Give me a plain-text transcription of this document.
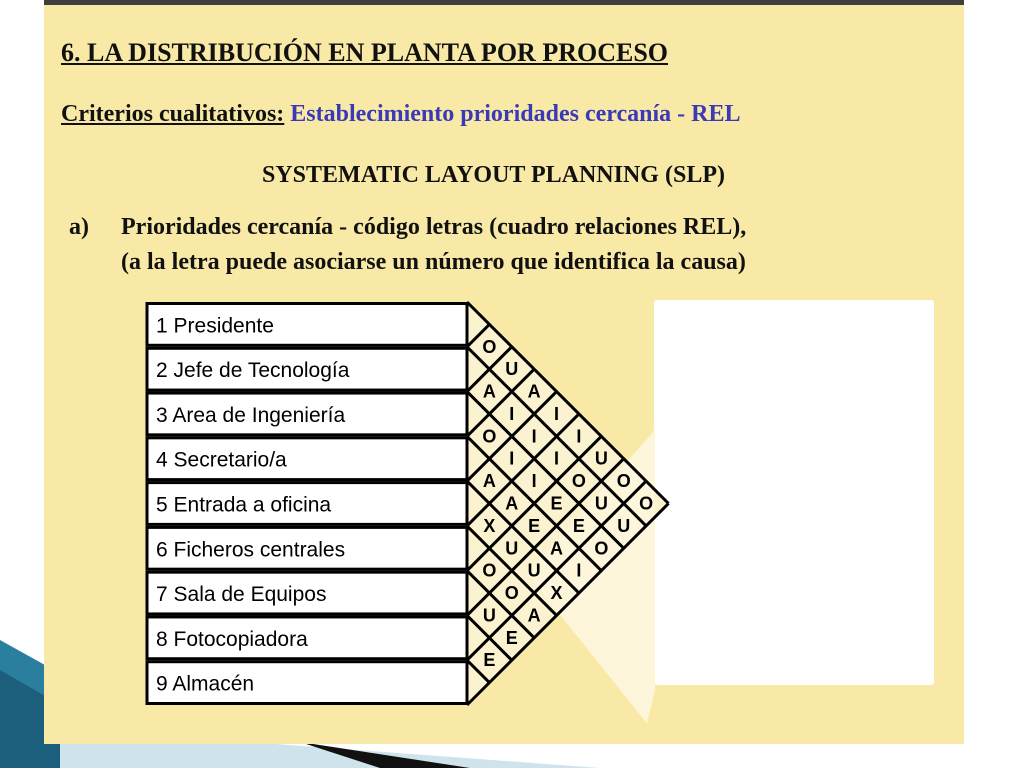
6. LA DISTRIBUCIÓN EN PLANTA POR PROCESO
Criterios cualitativos: Establecimiento prioridades cercanía - REL
SYSTEMATIC LAYOUT PLANNING (SLP)
a) Prioridades cercanía - código letras (cuadro relaciones REL),
(a la letra puede asociarse un número que identifica la causa)
1 Presidente
2 Jefe de Tecnología
3 Area de Ingeniería
4 Secretario/a
5 Entrada a oficina
6 Ficheros centrales
7 Sala de Equipos
8 Fotocopiadora
9 Almacén
O
A
O
A
X
O
U
E
U
I
I
A
U
O
E
A
I
I
E
U
A
I
I
E
A
X
I
O
E
I
U
U
O
O
U
O
